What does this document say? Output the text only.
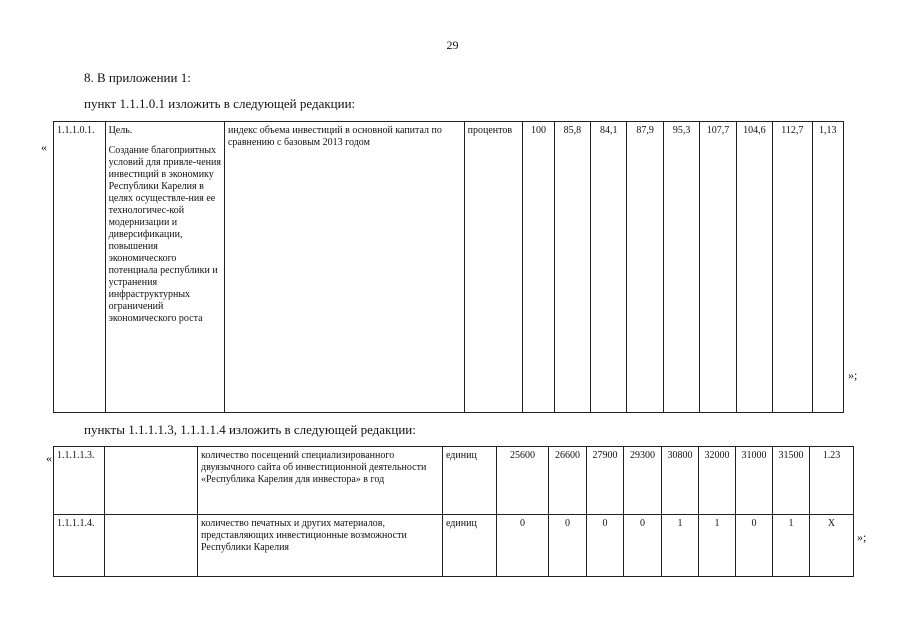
29
8. В приложении 1:
пункт 1.1.1.0.1 изложить в следующей редакции:
«
1.1.1.0.1.	Цель.
Создание благоприятных условий для привле-чения инвестиций в экономику Республики Карелия в целях осуществле-ния ее технологичес-кой модернизации и диверсификации, повышения экономического потенциала республики и устранения инфраструктурных ограничений экономического роста	индекс объема инвестиций в основной капитал по сравнению с базовым 2013 годом	процентов	100	85,8	84,1	87,9	95,3	107,7	104,6	112,7	1,13
»;
пункты 1.1.1.1.3, 1.1.1.1.4 изложить в следующей редакции:
« 1.1.1.1.3.		количество посещений специализированного двуязычного сайта об инвестиционной деятельности «Республика Карелия для инвестора» в год	единиц	25600	26600	27900	29300	30800	32000	31000	31500	1.23
1.1.1.1.4.		количество печатных и других материалов, представляющих инвестиционные возможности Республики Карелия	единиц	0	0	0	0	1	1	0	1	X
»;
